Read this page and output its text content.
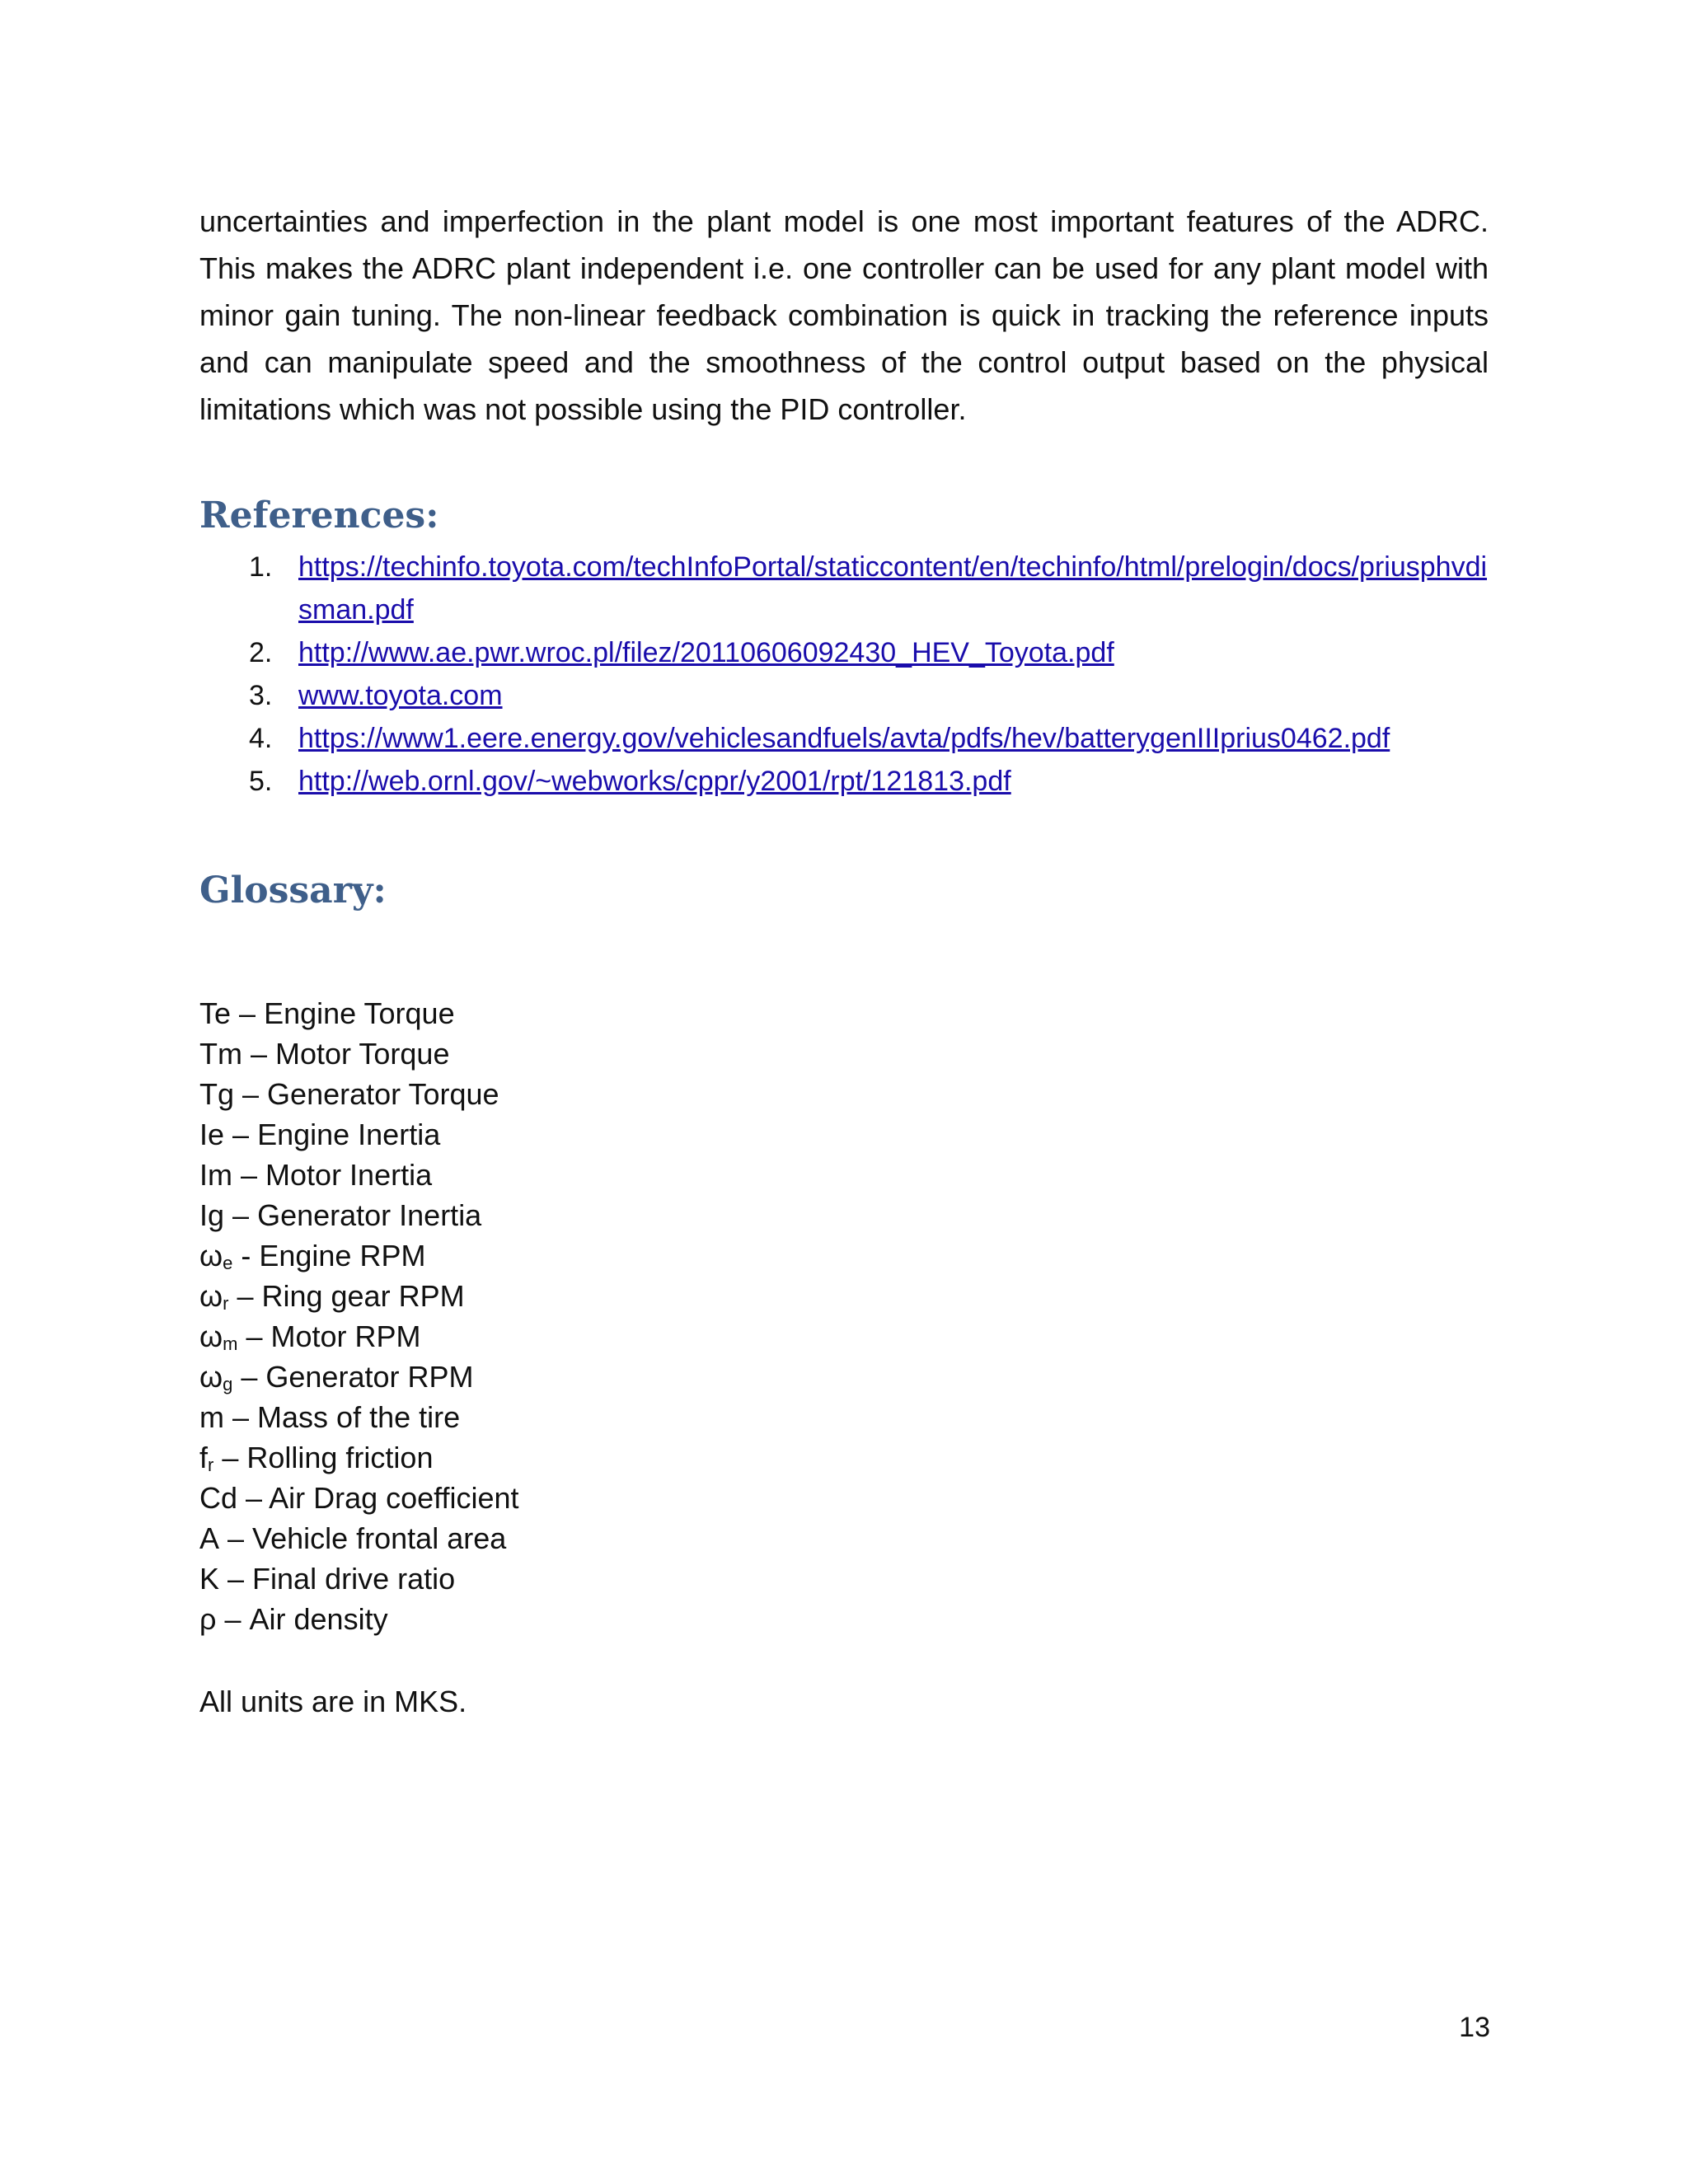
uncertainties and imperfection in the plant model is one most important features of the ADRC. This makes the ADRC plant independent i.e. one controller can be used for any plant model with minor gain tuning. The non-linear feedback combination is quick in tracking the reference inputs and can manipulate speed and the smoothness of the control output based on the physical limitations which was not possible using the PID controller.

References:
1. https://techinfo.toyota.com/techInfoPortal/staticcontent/en/techinfo/html/prelogin/docs/priusphvdisman.pdf
2. http://www.ae.pwr.wroc.pl/filez/20110606092430_HEV_Toyota.pdf
3. www.toyota.com
4. https://www1.eere.energy.gov/vehiclesandfuels/avta/pdfs/hev/batterygenIIIprius0462.pdf
5. http://web.ornl.gov/~webworks/cppr/y2001/rpt/121813.pdf
Glossary:
Te – Engine Torque
Tm – Motor Torque
Tg – Generator Torque
Ie – Engine Inertia
Im – Motor Inertia
Ig – Generator Inertia
$\omega_e$ - Engine RPM
$\omega_r$ – Ring gear RPM
$\omega_m$ – Motor RPM
$\omega_g$ – Generator RPM
m – Mass of the tire
$f_r$ – Rolling friction
Cd – Air Drag coefficient
A – Vehicle frontal area
K – Final drive ratio
ρ – Air density

All units are in MKS.

13
